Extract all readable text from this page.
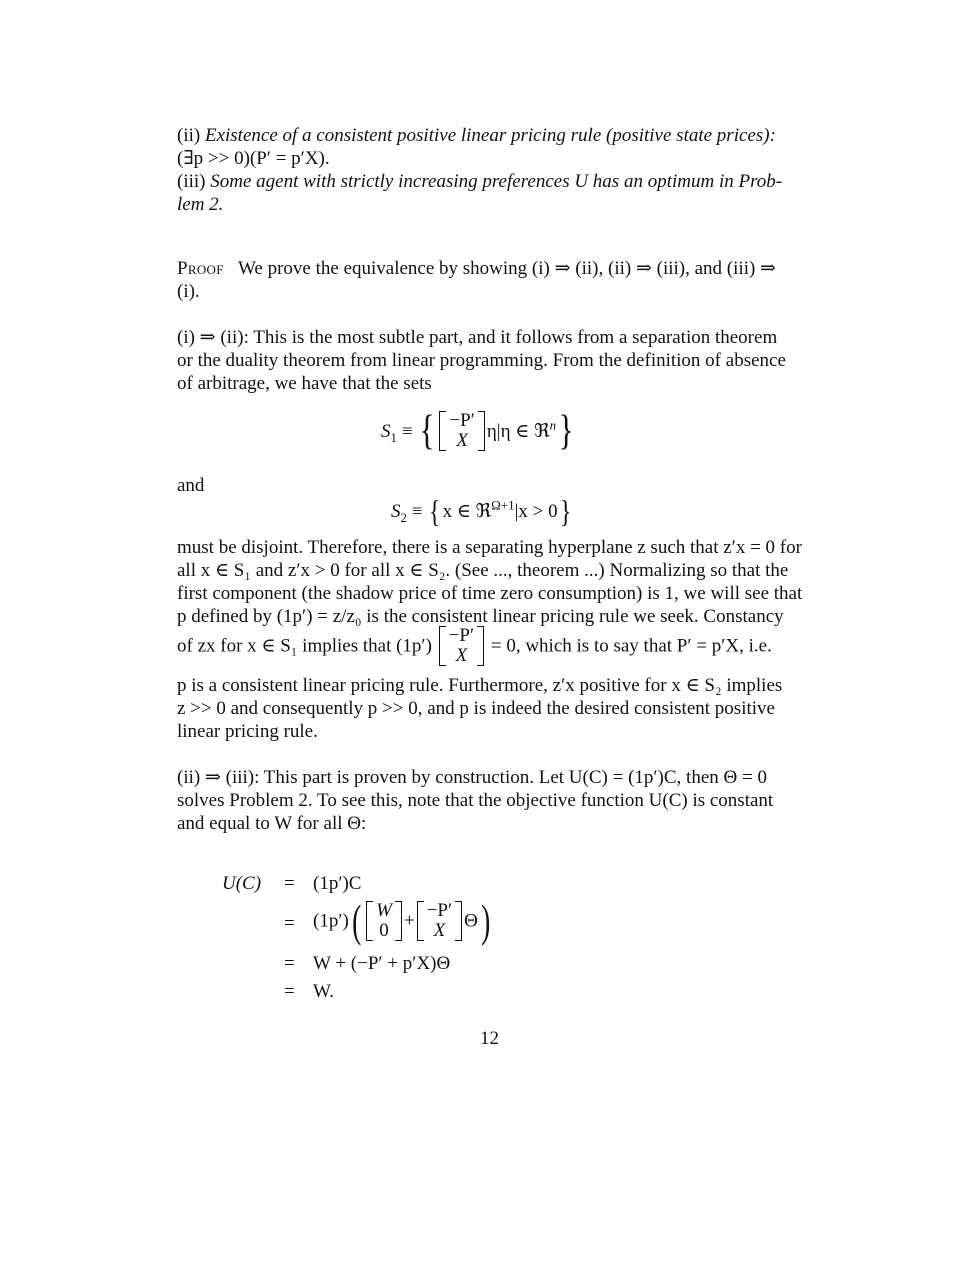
(ii) Existence of a consistent positive linear pricing rule (positive state prices):
(∃p >> 0)(P′ = p′X).
(iii) Some agent with strictly increasing preferences U has an optimum in Prob-
lem 2.
Proof We prove the equivalence by showing (i) ⇒ (ii), (ii) ⇒ (iii), and (iii) ⇒
(i).
(i) ⇒ (ii): This is the most subtle part, and it follows from a separation theorem
or the duality theorem from linear programming. From the definition of absence
of arbitrage, we have that the sets
$S_1$ ≡ { −P′
X η|η ∈ ℜ$^n$}
and
$S_2$ ≡ { x ∈ ℜ$^{\Omega+1}$|x > 0}
must be disjoint. Therefore, there is a separating hyperplane z such that z′x = 0 for
all x ∈ S₁ and z′x > 0 for all x ∈ S₂. (See ..., theorem ...) Normalizing so that the
first component (the shadow price of time zero consumption) is 1, we will see that
p defined by (1p′) = z/z₀ is the consistent linear pricing rule we seek. Constancy
of zx for x ∈ S₁ implies that (1p′) −P′
X	= 0, which is to say that P′ = p′X, i.e.
p is a consistent linear pricing rule. Furthermore, z′x positive for x ∈ S₂ implies
z >> 0 and consequently p >> 0, and p is indeed the desired consistent positive
linear pricing rule.
(ii) ⇒ (iii): This part is proven by construction. Let U(C) = (1p′)C, then Θ = 0
solves Problem 2. To see this, note that the objective function U(C) is constant
and equal to W for all Θ:
U(C) = (1p′)C
= (1p′)( W
0 + −P′
X Θ)
= W + (−P′ + p′X)Θ
= W.
12
